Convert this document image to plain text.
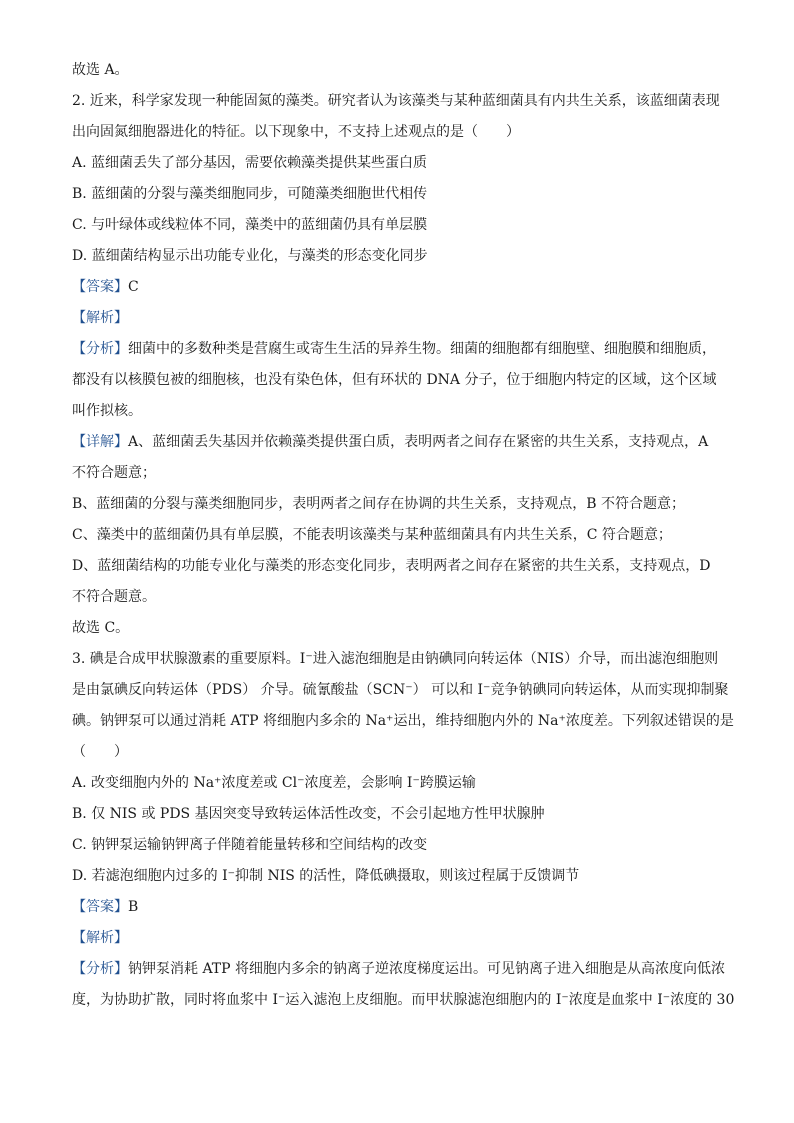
故选 A。
2. 近来，科学家发现一种能固氮的藻类。研究者认为该藻类与某种蓝细菌具有内共生关系，该蓝细菌表现
出向固氮细胞器进化的特征。以下现象中，不支持上述观点的是（　　）
A. 蓝细菌丢失了部分基因，需要依赖藻类提供某些蛋白质
B. 蓝细菌的分裂与藻类细胞同步，可随藻类细胞世代相传
C. 与叶绿体或线粒体不同，藻类中的蓝细菌仍具有单层膜
D. 蓝细菌结构显示出功能专业化，与藻类的形态变化同步
【答案】C
【解析】
【分析】细菌中的多数种类是营腐生或寄生生活的异养生物。细菌的细胞都有细胞壁、细胞膜和细胞质，
都没有以核膜包被的细胞核，也没有染色体，但有环状的 DNA 分子，位于细胞内特定的区域，这个区域
叫作拟核。
【详解】A、蓝细菌丢失基因并依赖藻类提供蛋白质，表明两者之间存在紧密的共生关系，支持观点，A
不符合题意；
B、蓝细菌的分裂与藻类细胞同步，表明两者之间存在协调的共生关系，支持观点，B 不符合题意；
C、藻类中的蓝细菌仍具有单层膜，不能表明该藻类与某种蓝细菌具有内共生关系，C 符合题意；
D、蓝细菌结构的功能专业化与藻类的形态变化同步，表明两者之间存在紧密的共生关系，支持观点，D
不符合题意。
故选 C。
3. 碘是合成甲状腺激素的重要原料。I⁻进入滤泡细胞是由钠碘同向转运体（NIS）介导，而出滤泡细胞则
是由氯碘反向转运体（PDS） 介导。硫氰酸盐（SCN⁻） 可以和 I⁻竞争钠碘同向转运体，从而实现抑制聚
碘。钠钾泵可以通过消耗 ATP 将细胞内多余的 Na⁺运出，维持细胞内外的 Na⁺浓度差。下列叙述错误的是
（　　）
A. 改变细胞内外的 Na⁺浓度差或 Cl⁻浓度差，会影响 I⁻跨膜运输
B. 仅 NIS 或 PDS 基因突变导致转运体活性改变，不会引起地方性甲状腺肿
C. 钠钾泵运输钠钾离子伴随着能量转移和空间结构的改变
D. 若滤泡细胞内过多的 I⁻抑制 NIS 的活性，降低碘摄取，则该过程属于反馈调节
【答案】B
【解析】
【分析】钠钾泵消耗 ATP 将细胞内多余的钠离子逆浓度梯度运出。可见钠离子进入细胞是从高浓度向低浓
度，为协助扩散，同时将血浆中 I⁻运入滤泡上皮细胞。而甲状腺滤泡细胞内的 I⁻浓度是血浆中 I⁻浓度的 30
